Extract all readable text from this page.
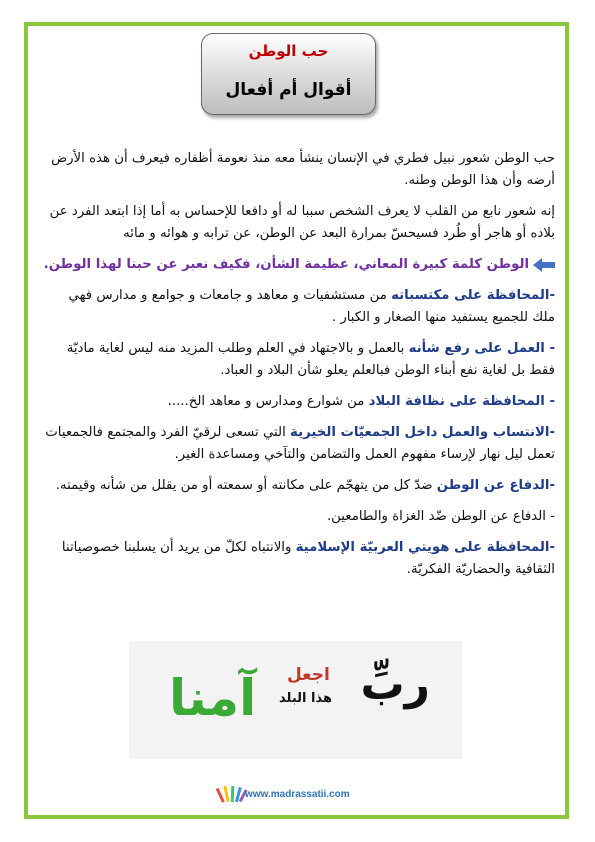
حب الوطن
أقوال أم أفعال

حب الوطن شعور نبيل فطري في الإنسان ينشأ معه منذ نعومة أظفاره فيعرف أن هذه الأرض أرضه وأن هذا الوطن وطنه.

إنه شعور نابع من القلب لا يعرف الشخص سببا له أو دافعا للإحساس به أما إذا ابتعد الفرد عن بلاده أو هاجر أو طُرد فسيحسّ بمرارة البعد عن الوطن، عن ترابه و هوائه و مائه

الوطن كلمة كبيرة المعاني، عظيمة الشأن، فكيف نعبر عن حبنا لهذا الوطن.

-المحافظة على مكتسباته من مستشفيات و معاهد و جامعات و جوامع و مدارس فهي ملك للجميع يستفيد منها الصغار و الكبار .

- العمل على رفع شأنه بالعمل و بالاجتهاد في العلم وطلب المزيد منه ليس لغاية ماديّة فقط بل لغاية نفع أبناء الوطن فبالعلم يعلو شأن البلاد و العباد.

- المحافظة على نظافة البلاد من شوارع ومدارس و معاهد الخ.....

-الانتساب والعمل داخل الجمعيّات الخيرية التي تسعى لرقيّ الفرد والمجتمع فالجمعيات تعمل ليل نهار لإرساء مفهوم العمل والتضامن والتآخي ومساعدة الغير.

-الدفاع عن الوطن ضدّ كل من يتهجّم على مكانته أو سمعته أو من يقلل من شأنه وقيمته.

- الدفاع عن الوطن ضّد الغزاة والطامعين.

-المحافظة على هويتي العربيّة الإسلامية والانتباه لكلّ من يريد أن يسلبنا خصوصياتنا الثقافية والحضاريّة الفكريّة.

ربِّ
اجعل
هذا البلد
آمنا
www.madrassatii.com
